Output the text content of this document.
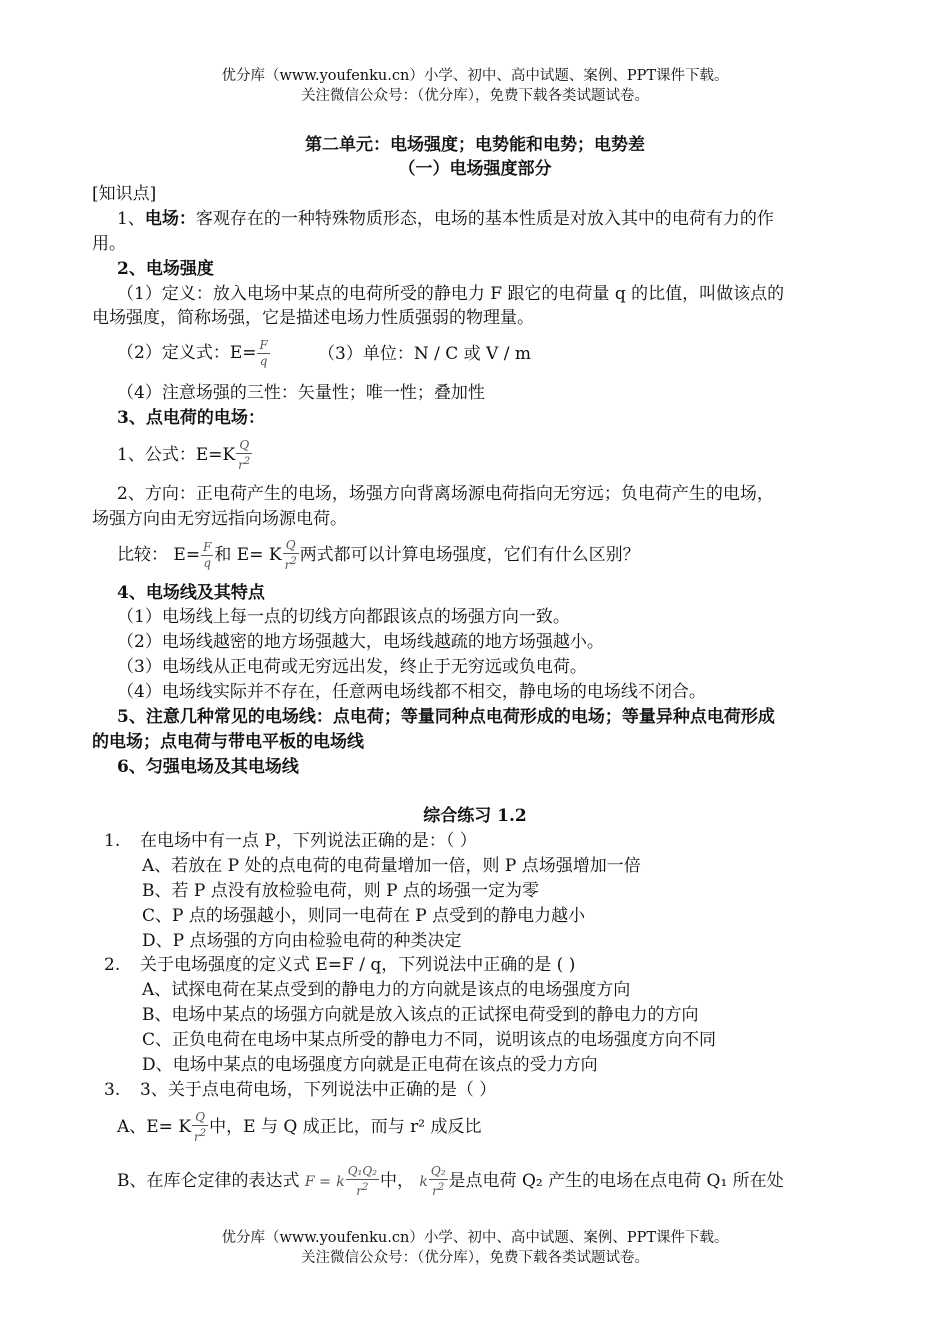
优分库（www.youfenku.cn）小学、初中、高中试题、案例、PPT课件下载。
关注微信公众号：（优分库），免费下载各类试题试卷。
第二单元：电场强度；电势能和电势；电势差
（一）电场强度部分
[知识点]
1、电场：客观存在的一种特殊物质形态，电场的基本性质是对放入其中的电荷有力的作
用。
2、电场强度
（1）定义：放入电场中某点的电荷所受的静电力 F 跟它的电荷量 q 的比值，叫做该点的
电场强度，简称场强，它是描述电场力性质强弱的物理量。
（2）定义式：$E= \frac{F}{q}$	（3）单位：N / C 或 V / m
（4）注意场强的三性：矢量性；唯一性；叠加性
3、点电荷的电场：
1、公式：$E=K \frac{Q}{r^2}$
2、方向：正电荷产生的电场，场强方向背离场源电荷指向无穷远；负电荷产生的电场，
场强方向由无穷远指向场源电荷。
比较： $E= \frac{F}{q}$ 和 E= K $\frac{Q}{r^2}$ 两式都可以计算电场强度，它们有什么区别？
4、电场线及其特点
（1）电场线上每一点的切线方向都跟该点的场强方向一致。
（2）电场线越密的地方场强越大，电场线越疏的地方场强越小。
（3）电场线从正电荷或无穷远出发，终止于无穷远或负电荷。
（4）电场线实际并不存在，任意两电场线都不相交，静电场的电场线不闭合。
5、注意几种常见的电场线：点电荷；等量同种点电荷形成的电场；等量异种点电荷形成
的电场；点电荷与带电平板的电场线
6、匀强电场及其电场线
综合练习 1.2
1. 在电场中有一点 P，下列说法正确的是：（ ）
A、若放在 P 处的点电荷的电荷量增加一倍，则 P 点场强增加一倍
B、若 P 点没有放检验电荷，则 P 点的场强一定为零
C、P 点的场强越小，则同一电荷在 P 点受到的静电力越小
D、P 点场强的方向由检验电荷的种类决定
2. 关于电场强度的定义式 E=F / q，下列说法中正确的是 ( )
A、试探电荷在某点受到的静电力的方向就是该点的电场强度方向
B、电场中某点的场强方向就是放入该点的正试探电荷受到的静电力的方向
C、正负电荷在电场中某点所受的静电力不同，说明该点的电场强度方向不同
D、电场中某点的电场强度方向就是正电荷在该点的受力方向
3. 3、关于点电荷电场，下列说法中正确的是（ ）
A、E= K $\frac{Q}{r^2}$ 中，E 与 Q 成正比，而与 r² 成反比
B、在库仑定律的表达式 F = k $\frac{\text{Q₁Q₂}}{r^2}$ 中， k $\frac{\text{Q₂}}{r^2}$ 是点电荷 Q₂ 产生的电场在点电荷 Q₁ 所在处
优分库（www.youfenku.cn）小学、初中、高中试题、案例、PPT课件下载。
关注微信公众号：（优分库），免费下载各类试题试卷。
